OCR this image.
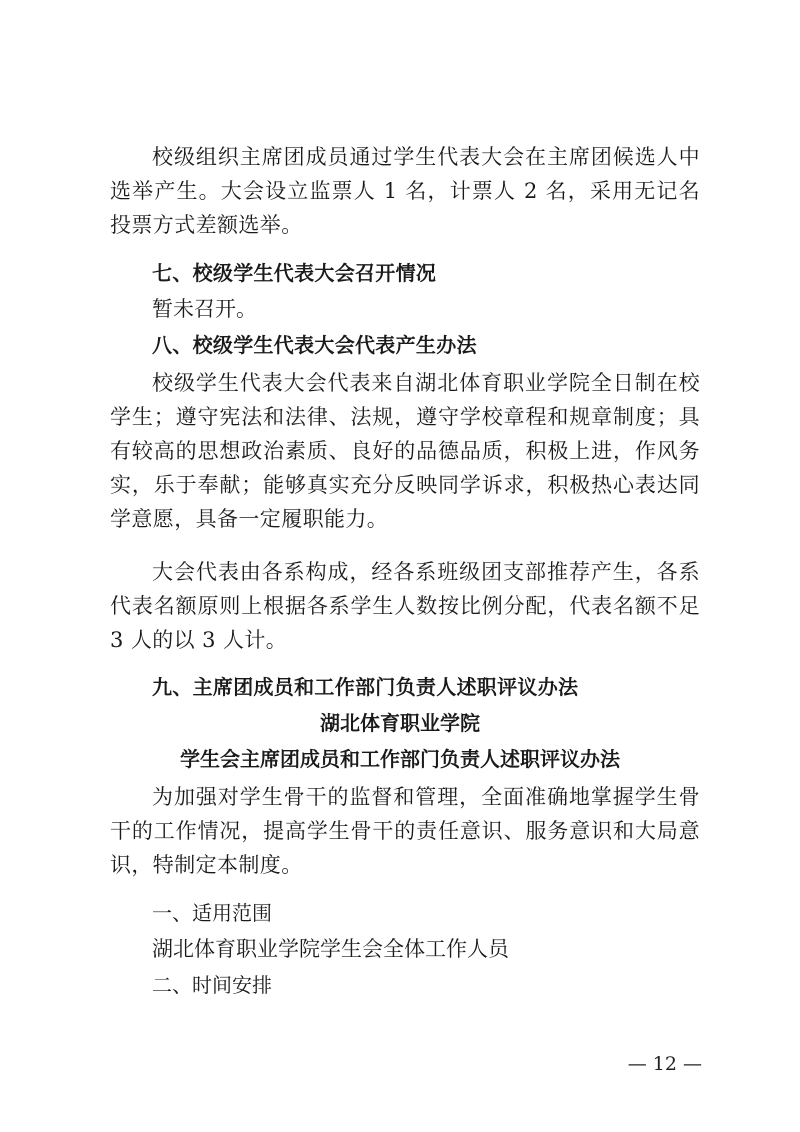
校级组织主席团成员通过学生代表大会在主席团候选人中选举产生。大会设立监票人 1 名，计票人 2 名，采用无记名投票方式差额选举。

七、校级学生代表大会召开情况

暂未召开。

八、校级学生代表大会代表产生办法

校级学生代表大会代表来自湖北体育职业学院全日制在校学生；遵守宪法和法律、法规，遵守学校章程和规章制度；具有较高的思想政治素质、良好的品德品质，积极上进，作风务实，乐于奉献；能够真实充分反映同学诉求，积极热心表达同学意愿，具备一定履职能力。

大会代表由各系构成，经各系班级团支部推荐产生，各系代表名额原则上根据各系学生人数按比例分配，代表名额不足 3 人的以 3 人计。

九、主席团成员和工作部门负责人述职评议办法

湖北体育职业学院

学生会主席团成员和工作部门负责人述职评议办法

为加强对学生骨干的监督和管理，全面准确地掌握学生骨干的工作情况，提高学生骨干的责任意识、服务意识和大局意识，特制定本制度。

一、适用范围

湖北体育职业学院学生会全体工作人员

二、时间安排

— 12 —
